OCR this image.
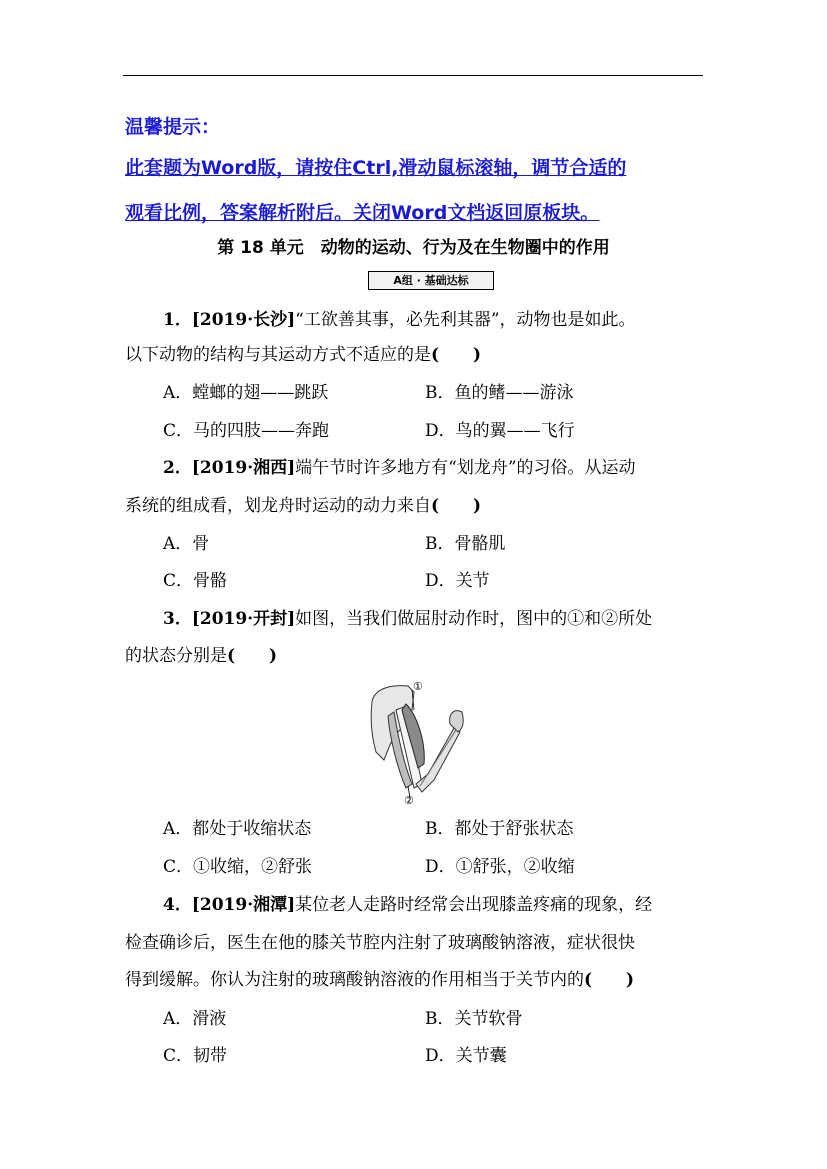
温馨提示：
此套题为Word版，请按住Ctrl,滑动鼠标滚轴，调节合适的
观看比例，答案解析附后。关闭Word文档返回原板块。
第 18 单元　动物的运动、行为及在生物圈中的作用
A组 · 基础达标
1．[2019·长沙]“工欲善其事，必先利其器”，动物也是如此。
以下动物的结构与其运动方式不适应的是(　　)
A．螳螂的翅——跳跃	B．鱼的鳍——游泳
C．马的四肢——奔跑	D．鸟的翼——飞行
2．[2019·湘西]端午节时许多地方有“划龙舟”的习俗。从运动
系统的组成看，划龙舟时运动的动力来自(　　)
A．骨	B．骨骼肌
C．骨骼	D．关节
3．[2019·开封]如图，当我们做屈肘动作时，图中的①和②所处
的状态分别是(　　)
①
②
A．都处于收缩状态	B．都处于舒张状态
C．①收缩，②舒张	D．①舒张，②收缩
4．[2019·湘潭]某位老人走路时经常会出现膝盖疼痛的现象，经
检查确诊后，医生在他的膝关节腔内注射了玻璃酸钠溶液，症状很快
得到缓解。你认为注射的玻璃酸钠溶液的作用相当于关节内的(　　)
A．滑液	B．关节软骨
C．韧带	D．关节囊
